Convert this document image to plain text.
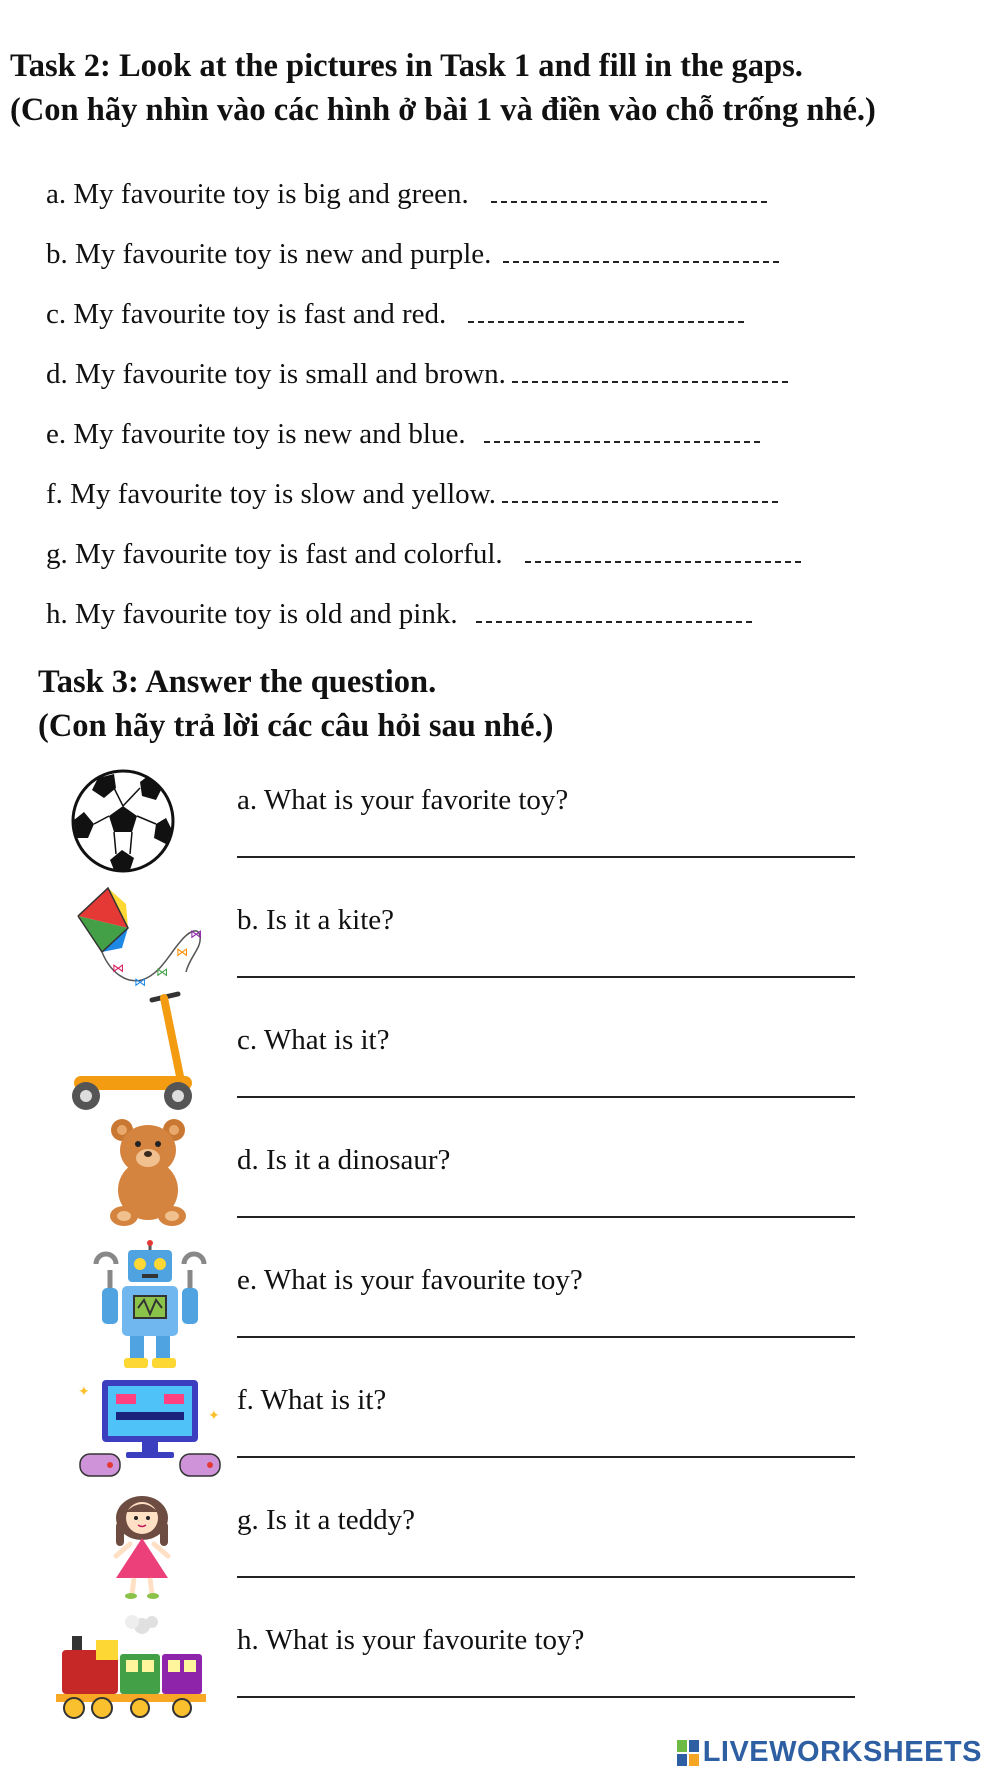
Task 2: Look at the pictures in Task 1 and fill in the gaps.
(Con hãy nhìn vào các hình ở bài 1 và điền vào chỗ trống nhé.)
a. My favourite toy is big and green.
b. My favourite toy is new and purple.
c. My favourite toy is fast and red.
d. My favourite toy is small and brown.
e. My favourite toy is new and blue.
f. My favourite toy is slow and yellow.
g. My favourite toy is fast and colorful.
h. My favourite toy is old and pink.
Task 3: Answer the question.
(Con hãy trả lời các câu hỏi sau nhé.)
a. What is your favorite toy?
b. Is it a kite?
c. What is it?
d. Is it a dinosaur?
e. What is your favourite toy?
f. What is it?
g. Is it a teddy?
h. What is your favourite toy?
⋈
⋈
⋈
⋈
⋈
✦
✦
LIVEWORKSHEETS
